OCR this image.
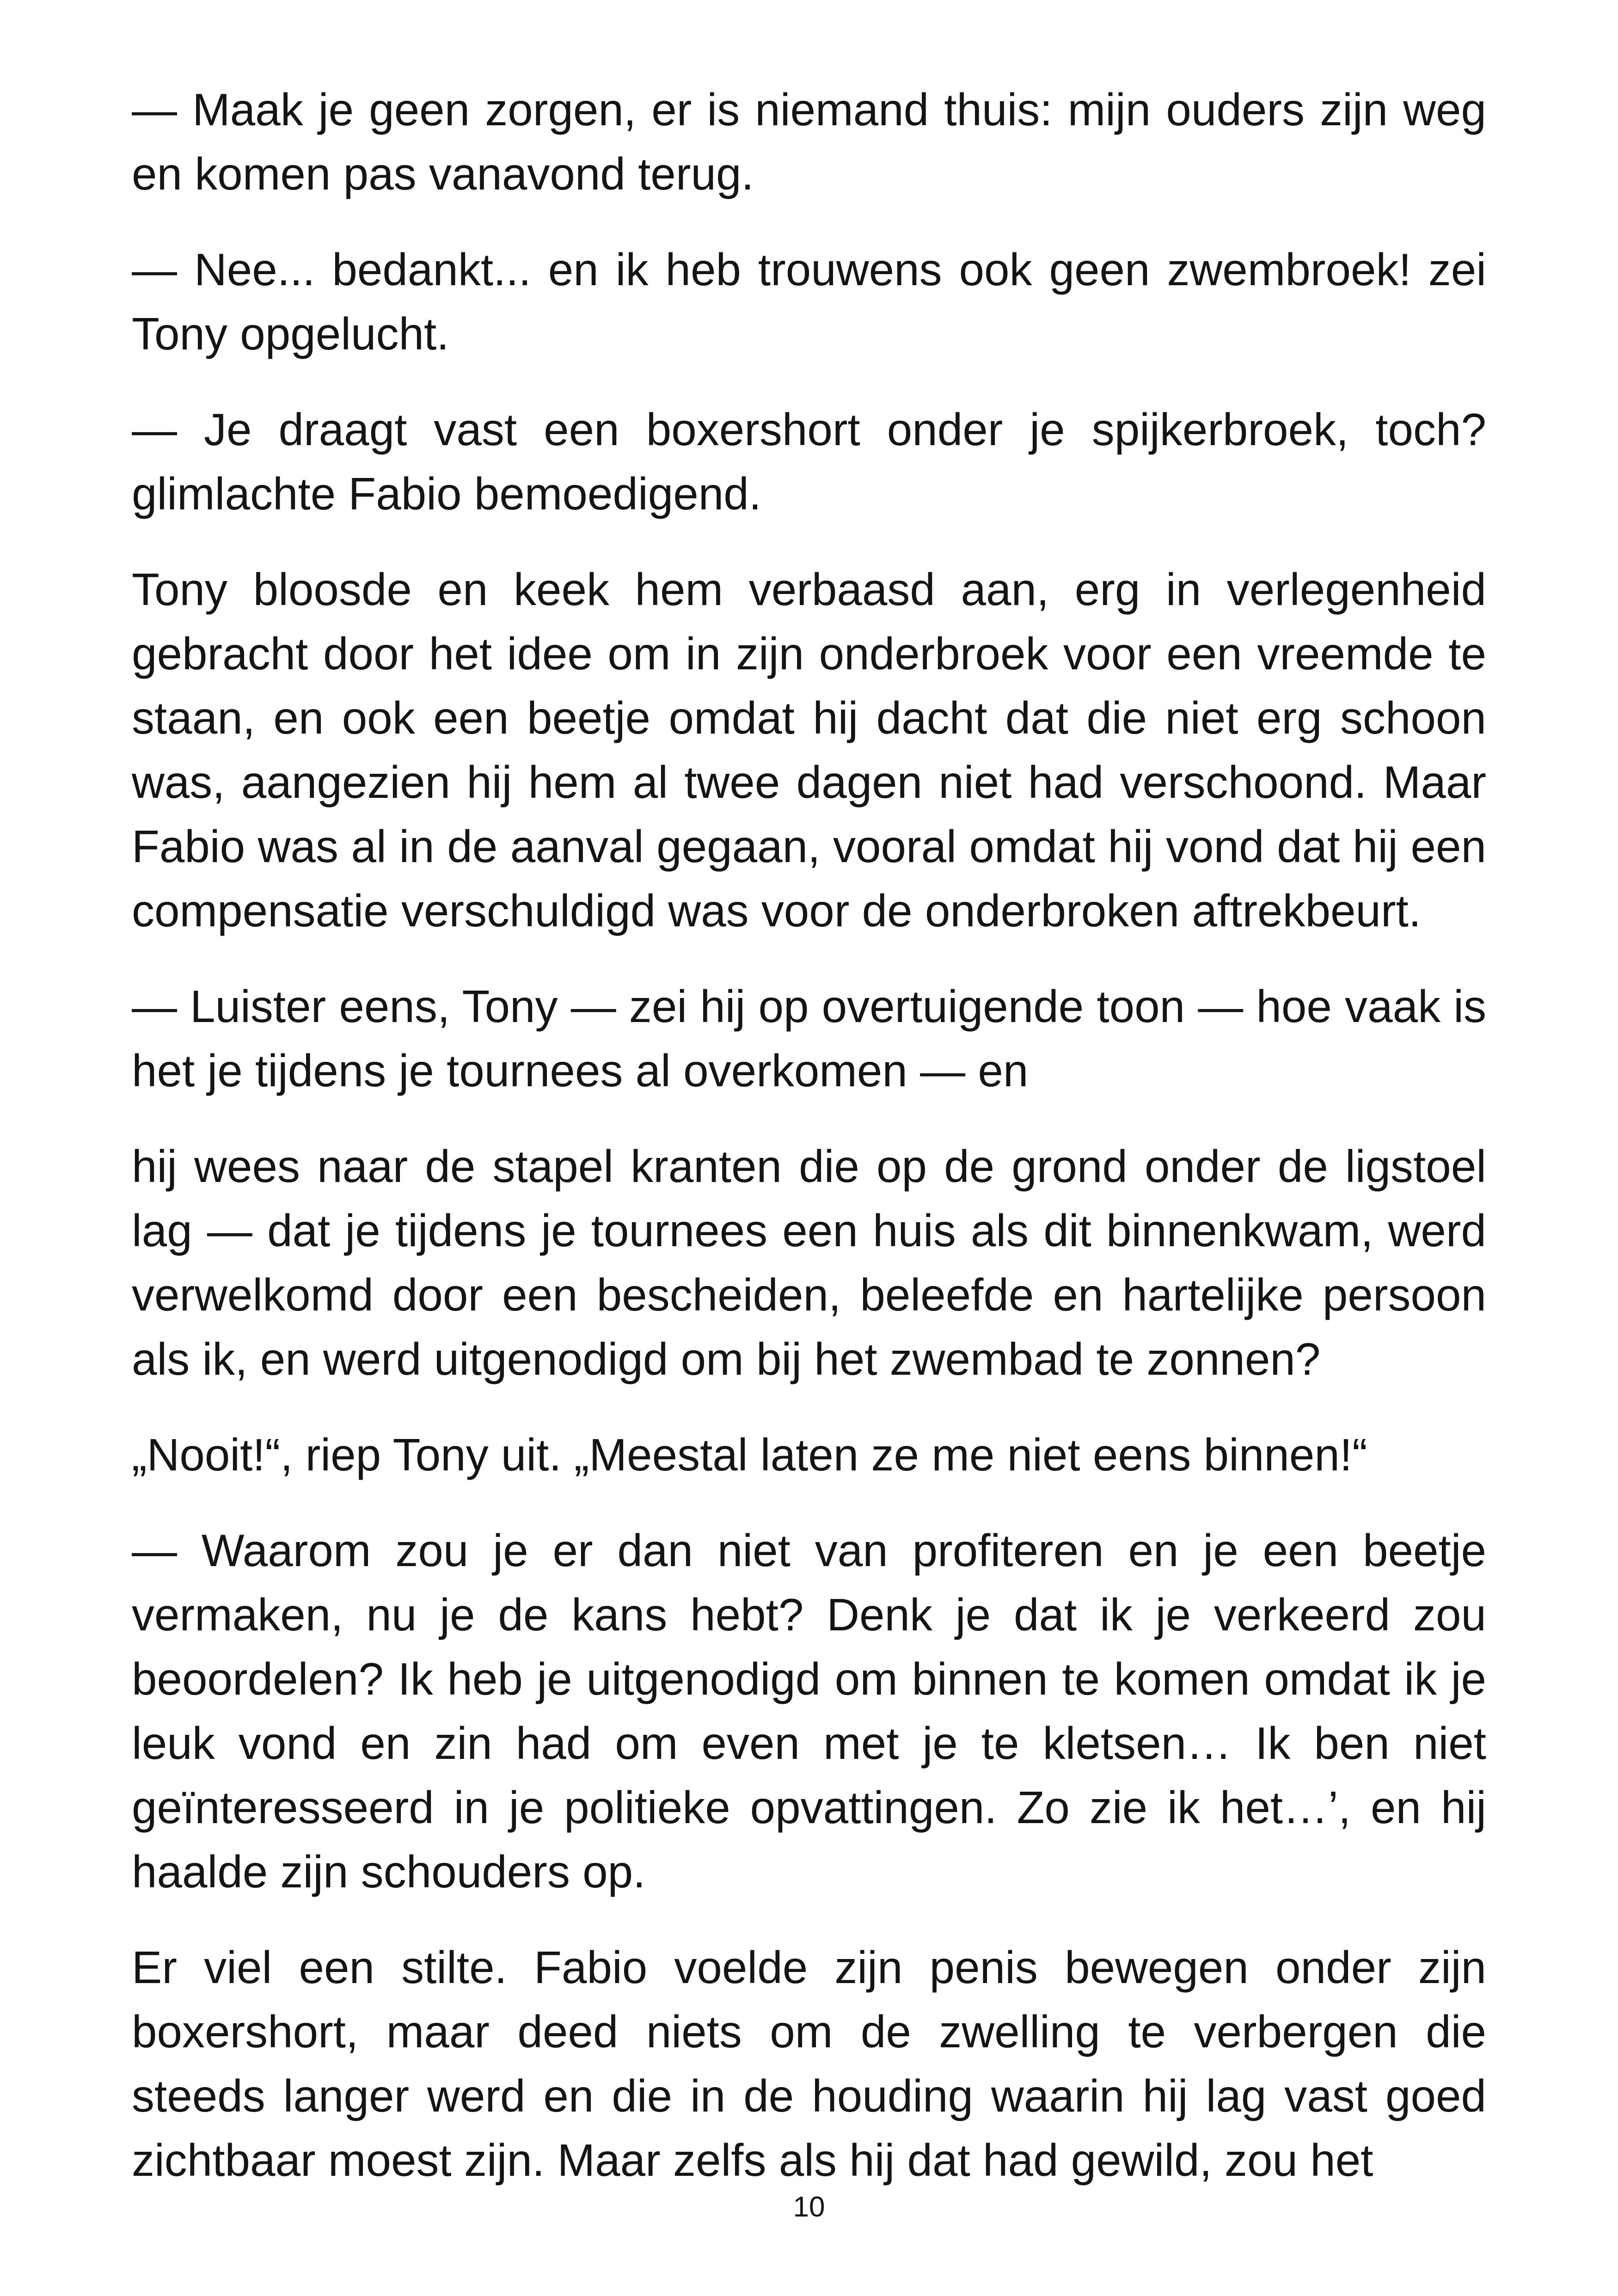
— Maak je geen zorgen, er is niemand thuis: mijn ouders zijn weg en komen pas vanavond terug.

— Nee... bedankt... en ik heb trouwens ook geen zwembroek! zei Tony opgelucht.

— Je draagt vast een boxershort onder je spijkerbroek, toch? glimlachte Fabio bemoedigend.

Tony bloosde en keek hem verbaasd aan, erg in verlegenheid gebracht door het idee om in zijn onderbroek voor een vreemde te staan, en ook een beetje omdat hij dacht dat die niet erg schoon was, aangezien hij hem al twee dagen niet had verschoond. Maar Fabio was al in de aanval gegaan, vooral omdat hij vond dat hij een compensatie verschuldigd was voor de onderbroken aftrekbeurt.

— Luister eens, Tony — zei hij op overtuigende toon — hoe vaak is het je tijdens je tournees al overkomen — en

hij wees naar de stapel kranten die op de grond onder de ligstoel lag — dat je tijdens je tournees een huis als dit binnenkwam, werd verwelkomd door een bescheiden, beleefde en hartelijke persoon als ik, en werd uitgenodigd om bij het zwembad te zonnen?

„Nooit!“, riep Tony uit. „Meestal laten ze me niet eens binnen!“

— Waarom zou je er dan niet van profiteren en je een beetje vermaken, nu je de kans hebt? Denk je dat ik je verkeerd zou beoordelen? Ik heb je uitgenodigd om binnen te komen omdat ik je leuk vond en zin had om even met je te kletsen… Ik ben niet geïnteresseerd in je politieke opvattingen. Zo zie ik het…’, en hij haalde zijn schouders op.

Er viel een stilte. Fabio voelde zijn penis bewegen onder zijn boxershort, maar deed niets om de zwelling te verbergen die steeds langer werd en die in de houding waarin hij lag vast goed zichtbaar moest zijn. Maar zelfs als hij dat had gewild, zou het

10
